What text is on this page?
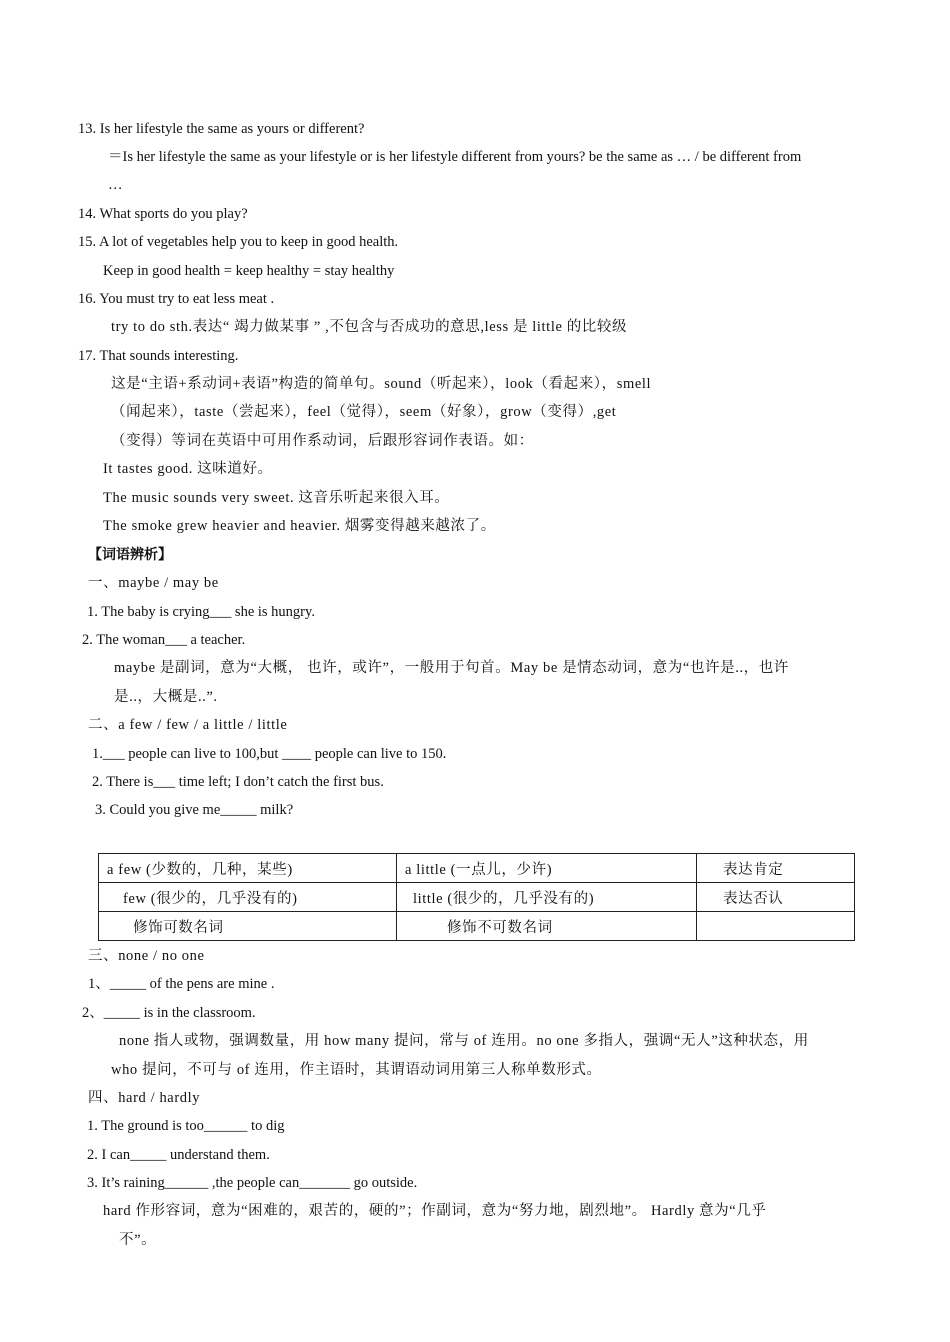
13. Is her lifestyle the same as yours or different?
＝Is her lifestyle the same as your lifestyle or is her lifestyle different from yours? be the same as … / be different from
…
14. What sports do you play?
15. A lot of vegetables help you to keep in good health.
Keep in good health = keep healthy = stay healthy
16. You must try to eat less meat .
try to do sth.表达“ 竭力做某事 ” ,不包含与否成功的意思,less 是 little 的比较级
17. That sounds interesting.
这是“主语+系动词+表语”构造的简单句。sound（听起来），look（看起来），smell
（闻起来），taste（尝起来），feel（觉得），seem（好象），grow（变得）,get
（变得）等词在英语中可用作系动词，后跟形容词作表语。如：
It tastes good. 这味道好。
The music sounds very sweet. 这音乐听起来很入耳。
The smoke grew heavier and heavier. 烟雾变得越来越浓了。
【词语辨析】
一、maybe / may be
1. The baby is crying___ she is hungry.
2. The woman___ a teacher.
maybe 是副词，意为“大概， 也许，或许”，一般用于句首。May be 是情态动词，意为“也许是..，也许
是..，大概是..”.
二、a few / few / a little / little
1.___ people can live to 100,but ____ people can live to 150.
2. There is___ time left; I don’t catch the first bus.
3. Could you give me_____ milk?
a few (少数的，几种，某些)	a little (一点儿，少许)	表达肯定
few (很少的，几乎没有的)	little (很少的，几乎没有的)	表达否认
修饰可数名词	修饰不可数名词	
三、none / no one
1、_____ of the pens are mine .
2、_____ is in the classroom.
none 指人或物，强调数量，用 how many 提问，常与 of 连用。no one 多指人，强调“无人”这种状态，用
who 提问，不可与 of 连用，作主语时，其谓语动词用第三人称单数形式。
四、hard / hardly
1. The ground is too______ to dig
2. I can_____ understand them.
3. It’s raining______ ,the people can_______ go outside.
hard 作形容词，意为“困难的，艰苦的，硬的”；作副词，意为“努力地，剧烈地”。 Hardly 意为“几乎
不”。
